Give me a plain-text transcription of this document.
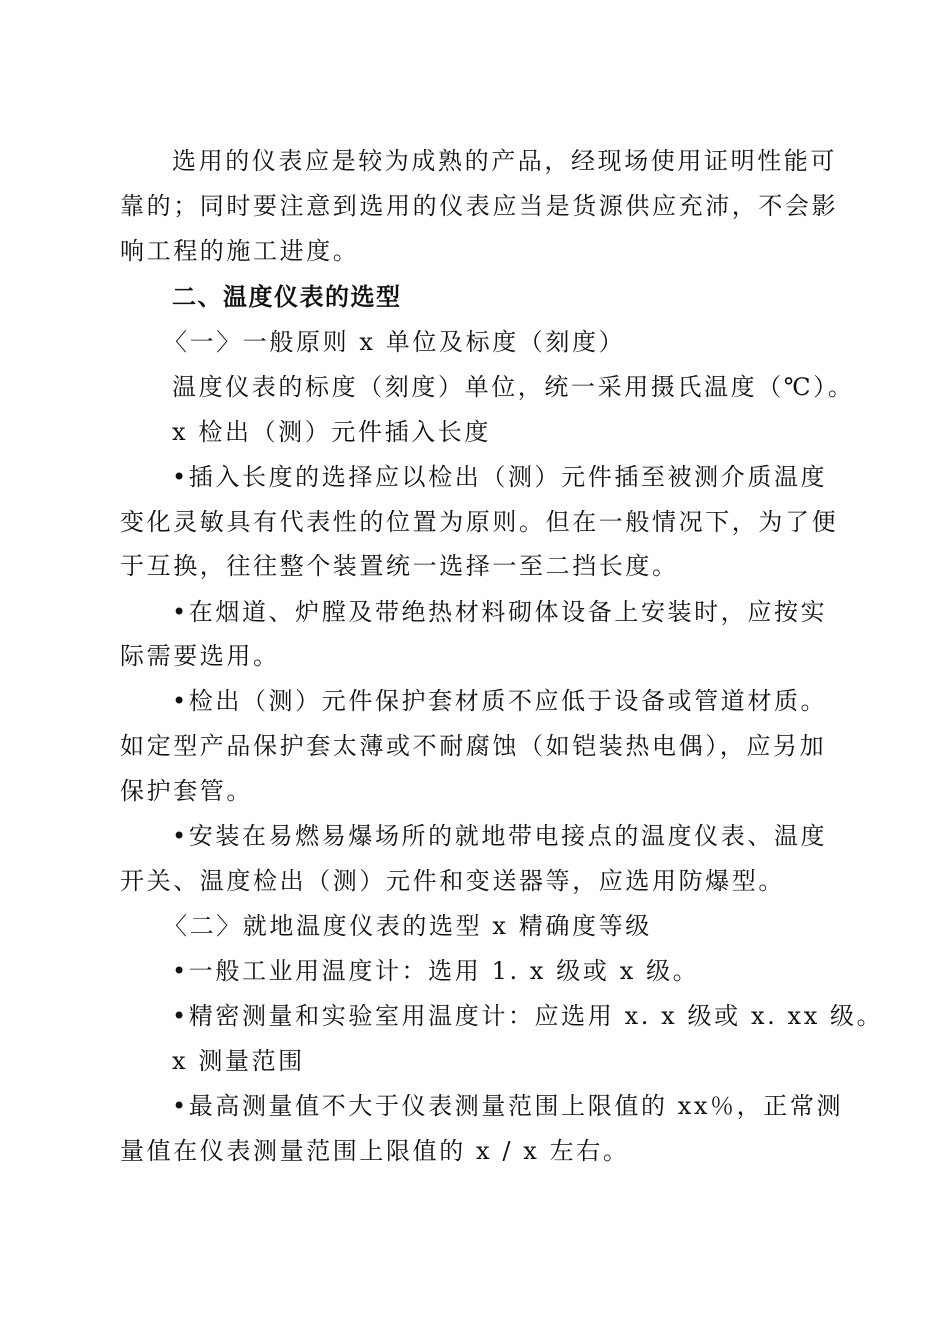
选用的仪表应是较为成熟的产品，经现场使用证明性能可
靠的；同时要注意到选用的仪表应当是货源供应充沛，不会影
响工程的施工进度。
二、温度仪表的选型
〈一〉一般原则 x 单位及标度（刻度）
温度仪表的标度（刻度）单位，统一采用摄氏温度（℃）。
x 检出（测）元件插入长度
•插入长度的选择应以检出（测）元件插至被测介质温度
变化灵敏具有代表性的位置为原则。但在一般情况下，为了便
于互换，往往整个装置统一选择一至二挡长度。
•在烟道、炉膛及带绝热材料砌体设备上安装时，应按实
际需要选用。
•检出（测）元件保护套材质不应低于设备或管道材质。
如定型产品保护套太薄或不耐腐蚀（如铠装热电偶），应另加
保护套管。
•安装在易燃易爆场所的就地带电接点的温度仪表、温度
开关、温度检出（测）元件和变送器等，应选用防爆型。
〈二〉就地温度仪表的选型 x 精确度等级
•一般工业用温度计：选用 1. x 级或 x 级。
•精密测量和实验室用温度计：应选用 x. x 级或 x. xx 级。
x 测量范围
•最高测量值不大于仪表测量范围上限值的 xx％，正常测
量值在仪表测量范围上限值的 x / x 左右。
